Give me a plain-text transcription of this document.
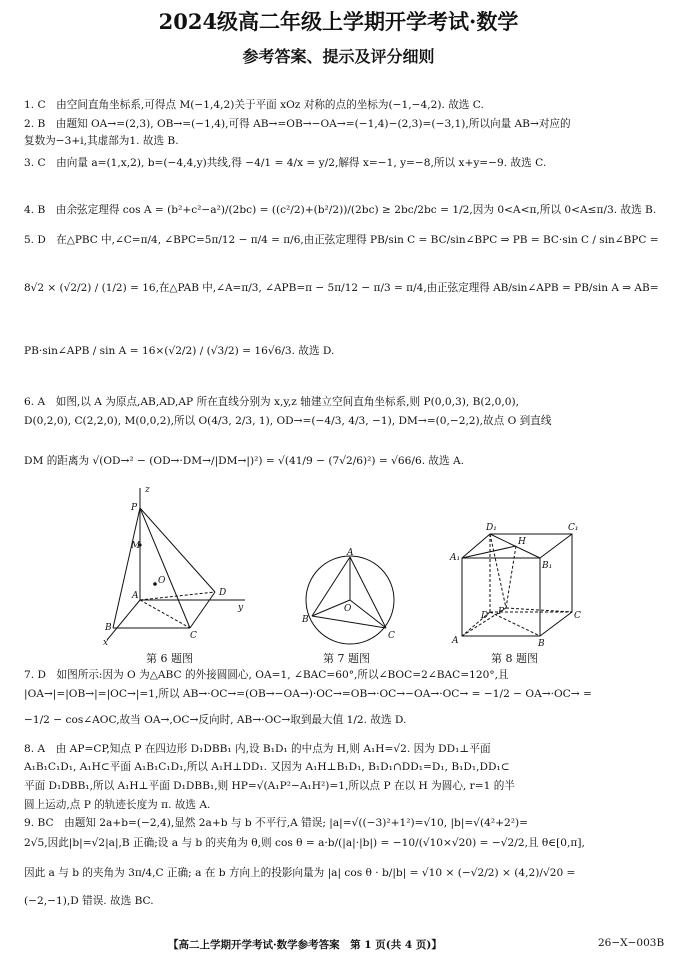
2024级高二年级上学期开学考试·数学
参考答案、提示及评分细则
1. C　由空间直角坐标系,可得点 M(−1,4,2)关于平面 xOz 对称的点的坐标为(−1,−4,2). 故选 C.
2. B　由题知 OA→=(2,3), OB→=(−1,4),可得 AB→=OB→−OA→=(−1,4)−(2,3)=(−3,1),所以向量 AB→对应的
复数为−3+i,其虚部为1. 故选 B.
3. C　由向量 a=(1,x,2), b=(−4,4,y)共线,得 −4/1 = 4/x = y/2,解得 x=−1, y=−8,所以 x+y=−9. 故选 C.
4. B　由余弦定理得 cos A = (b²+c²−a²)/(2bc) = ((c²/2)+(b²/2))/(2bc) ≥ 2bc/2bc = 1/2,因为 0<A<π,所以 0<A≤π/3. 故选 B.
5. D　在△PBC 中,∠C=π/4, ∠BPC=5π/12 − π/4 = π/6,由正弦定理得 PB/sin C = BC/sin∠BPC ⇒ PB = BC·sin C / sin∠BPC =
8√2 × (√2/2) / (1/2) = 16,在△PAB 中,∠A=π/3, ∠APB=π − 5π/12 − π/3 = π/4,由正弦定理得 AB/sin∠APB = PB/sin A ⇒ AB=
PB·sin∠APB / sin A = 16×(√2/2) / (√3/2) = 16√6/3. 故选 D.
6. A　如图,以 A 为原点,AB,AD,AP 所在直线分别为 x,y,z 轴建立空间直角坐标系,则 P(0,0,3), B(2,0,0),
D(0,2,0), C(2,2,0), M(0,0,2),所以 O(4/3, 2/3, 1), OD→=(−4/3, 4/3, −1), DM→=(0,−2,2),故点 O 到直线
DM 的距离为 √(OD→² − (OD→·DM→/|DM→|)²) = √(41/9 − (7√2/6)²) = √66/6. 故选 A.
7. D　如图所示:因为 O 为△ABC 的外接圆圆心, OA=1, ∠BAC=60°,所以∠BOC=2∠BAC=120°,且
|OA→|=|OB→|=|OC→|=1,所以 AB→·OC→=(OB→−OA→)·OC→=OB→·OC→−OA→·OC→ = −1/2 − OA→·OC→ =
−1/2 − cos∠AOC,故当 OA→,OC→反向时, AB→·OC→取到最大值 1/2. 故选 D.
8. A　由 AP=CP,知点 P 在四边形 D₁DBB₁ 内,设 B₁D₁ 的中点为 H,则 A₁H=√2. 因为 DD₁⊥平面
A₁B₁C₁D₁, A₁H⊂平面 A₁B₁C₁D₁,所以 A₁H⊥DD₁. 又因为 A₁H⊥B₁D₁, B₁D₁∩DD₁=D₁, B₁D₁,DD₁⊂
平面 D₁DBB₁,所以 A₁H⊥平面 D₁DBB₁,则 HP=√(A₁P²−A₁H²)=1,所以点 P 在以 H 为圆心, r=1 的半
圆上运动,点 P 的轨迹长度为 π. 故选 A.
9. BC　由题知 2a+b=(−2,4),显然 2a+b 与 b 不平行,A 错误; |a|=√((−3)²+1²)=√10, |b|=√(4²+2²)=
2√5,因此|b|=√2|a|,B 正确;设 a 与 b 的夹角为 θ,则 cos θ = a·b/(|a|·|b|) = −10/(√10×√20) = −√2/2,且 θ∈[0,π],
因此 a 与 b 的夹角为 3π/4,C 正确; a 在 b 方向上的投影向量为 |a| cos θ · b/|b| = √10 × (−√2/2) × (4,2)/√20 =
(−2,−1),D 错误. 故选 BC.
z
P
M
O
A	D
y
B
C
x
第 6 题图
A
O
B
C
第 7 题图
D₁
H
C₁
A₁
B₁
P
D	C
A	B
第 8 题图
【高二上学期开学考试·数学参考答案　第 1 页(共 4 页)】	26−X−003B
